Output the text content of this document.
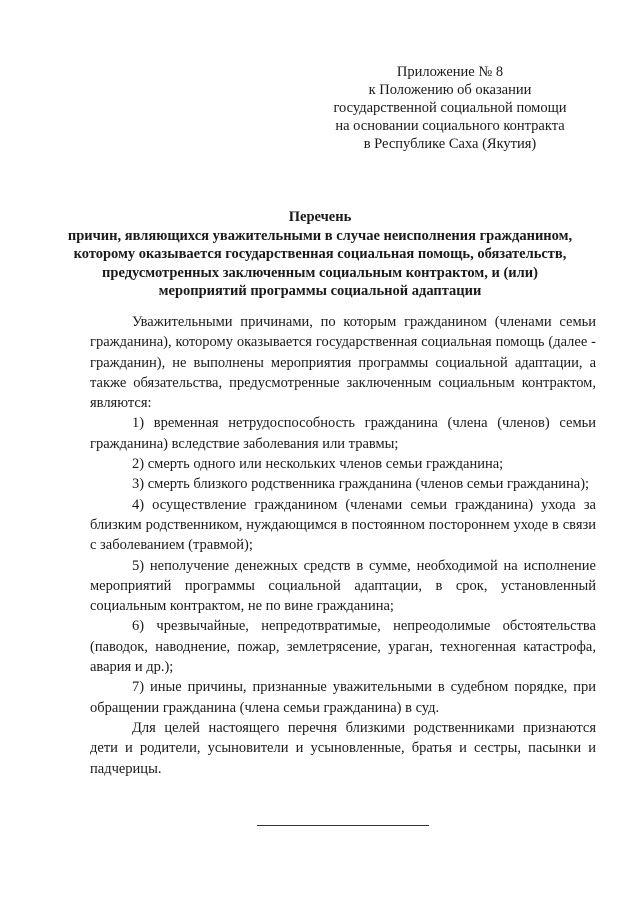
Приложение № 8
к Положению об оказании
государственной социальной помощи
на основании социального контракта
в Республике Саха (Якутия)
Перечень
причин, являющихся уважительными в случае неисполнения гражданином, которому оказывается государственная социальная помощь, обязательств, предусмотренных заключенным социальным контрактом, и (или) мероприятий программы социальной адаптации

Уважительными причинами, по которым гражданином (членами семьи гражданина), которому оказывается государственная социальная помощь (далее - гражданин), не выполнены мероприятия программы социальной адаптации, а также обязательства, предусмотренные заключенным социальным контрактом, являются:

1) временная нетрудоспособность гражданина (члена (членов) семьи гражданина) вследствие заболевания или травмы;

2) смерть одного или нескольких членов семьи гражданина;

3) смерть близкого родственника гражданина (членов семьи гражданина);

4) осуществление гражданином (членами семьи гражданина) ухода за близким родственником, нуждающимся в постоянном постороннем уходе в связи с заболеванием (травмой);

5) неполучение денежных средств в сумме, необходимой на исполнение мероприятий программы социальной адаптации, в срок, установленный социальным контрактом, не по вине гражданина;

6) чрезвычайные, непредотвратимые, непреодолимые обстоятельства (паводок, наводнение, пожар, землетрясение, ураган, техногенная катастрофа, авария и др.);

7) иные причины, признанные уважительными в судебном порядке, при обращении гражданина (члена семьи гражданина) в суд.

Для целей настоящего перечня близкими родственниками признаются дети и родители, усыновители и усыновленные, братья и сестры, пасынки и падчерицы.
